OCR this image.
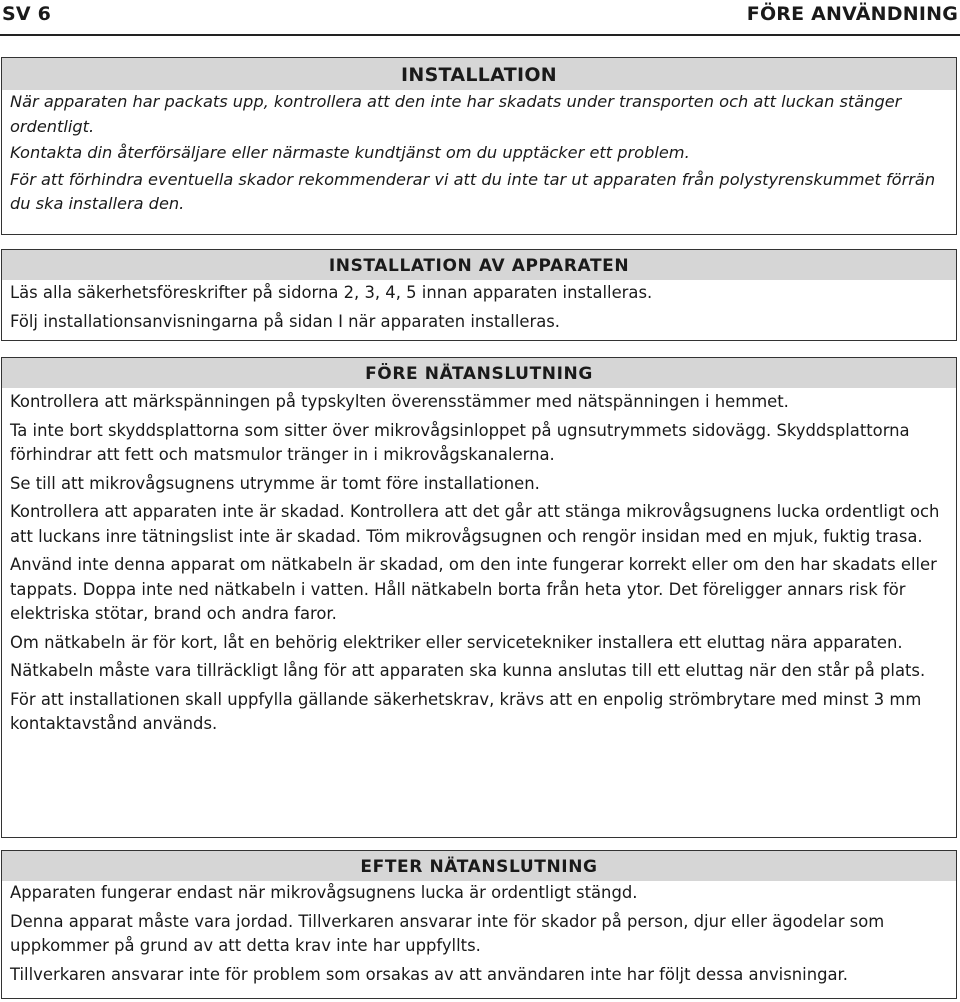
SV 6	FÖRE ANVÄNDNING
INSTALLATION

När apparaten har packats upp, kontrollera att den inte har skadats under transporten och att luckan stänger ordentligt.

Kontakta din återförsäljare eller närmaste kundtjänst om du upptäcker ett problem.

För att förhindra eventuella skador rekommenderar vi att du inte tar ut apparaten från polystyrenskummet förrän du ska installera den.

INSTALLATION AV APPARATEN

Läs alla säkerhetsföreskrifter på sidorna 2, 3, 4, 5 innan apparaten installeras.

Följ installationsanvisningarna på sidan I när apparaten installeras.

FÖRE NÄTANSLUTNING

Kontrollera att märkspänningen på typskylten överensstämmer med nätspänningen i hemmet.

Ta inte bort skyddsplattorna som sitter över mikrovågsinloppet på ugnsutrymmets sidovägg. Skyddsplattorna förhindrar att fett och matsmulor tränger in i mikrovågskanalerna.

Se till att mikrovågsugnens utrymme är tomt före installationen.

Kontrollera att apparaten inte är skadad. Kontrollera att det går att stänga mikrovågsugnens lucka ordentligt och att luckans inre tätningslist inte är skadad. Töm mikrovågsugnen och rengör insidan med en mjuk, fuktig trasa.

Använd inte denna apparat om nätkabeln är skadad, om den inte fungerar korrekt eller om den har skadats eller tappats. Doppa inte ned nätkabeln i vatten. Håll nätkabeln borta från heta ytor. Det föreligger annars risk för elektriska stötar, brand och andra faror.

Om nätkabeln är för kort, låt en behörig elektriker eller servicetekniker installera ett eluttag nära apparaten.

Nätkabeln måste vara tillräckligt lång för att apparaten ska kunna anslutas till ett eluttag när den står på plats.

För att installationen skall uppfylla gällande säkerhetskrav, krävs att en enpolig strömbrytare med minst 3 mm kontaktavstånd används.

EFTER NÄTANSLUTNING

Apparaten fungerar endast när mikrovågsugnens lucka är ordentligt stängd.

Denna apparat måste vara jordad. Tillverkaren ansvarar inte för skador på person, djur eller ägodelar som uppkommer på grund av att detta krav inte har uppfyllts.

Tillverkaren ansvarar inte för problem som orsakas av att användaren inte har följt dessa anvisningar.
